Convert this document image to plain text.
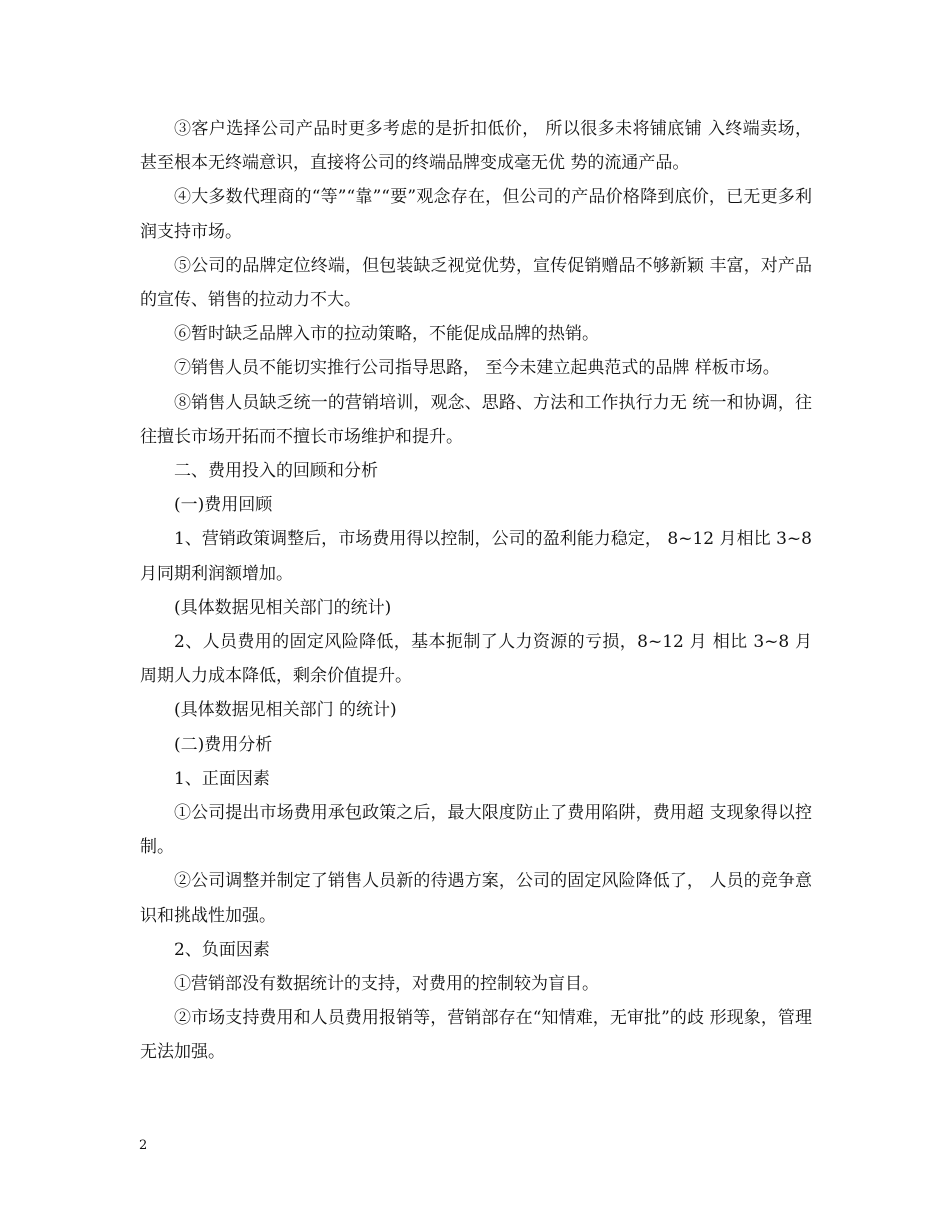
③客户选择公司产品时更多考虑的是折扣低价， 所以很多未将铺底铺 入终端卖场，甚至根本无终端意识，直接将公司的终端品牌变成毫无优 势的流通产品。

④大多数代理商的“等”“靠”“要”观念存在，但公司的产品价格降到底价，已无更多利润支持市场。

⑤公司的品牌定位终端，但包装缺乏视觉优势，宣传促销赠品不够新颖 丰富，对产品的宣传、销售的拉动力不大。

⑥暂时缺乏品牌入市的拉动策略，不能促成品牌的热销。

⑦销售人员不能切实推行公司指导思路， 至今未建立起典范式的品牌 样板市场。

⑧销售人员缺乏统一的营销培训，观念、思路、方法和工作执行力无 统一和协调，往往擅长市场开拓而不擅长市场维护和提升。

二、费用投入的回顾和分析

(一)费用回顾

1、营销政策调整后，市场费用得以控制，公司的盈利能力稳定， 8~12 月相比 3~8 月同期利润额增加。

(具体数据见相关部门的统计)

2、人员费用的固定风险降低，基本扼制了人力资源的亏损，8~12 月 相比 3~8 月周期人力成本降低，剩余价值提升。

(具体数据见相关部门 的统计)

(二)费用分析

1、正面因素

①公司提出市场费用承包政策之后，最大限度防止了费用陷阱，费用超 支现象得以控制。

②公司调整并制定了销售人员新的待遇方案，公司的固定风险降低了， 人员的竞争意识和挑战性加强。

2、负面因素

①营销部没有数据统计的支持，对费用的控制较为盲目。

②市场支持费用和人员费用报销等，营销部存在“知情难，无审批”的歧 形现象，管理无法加强。

2
